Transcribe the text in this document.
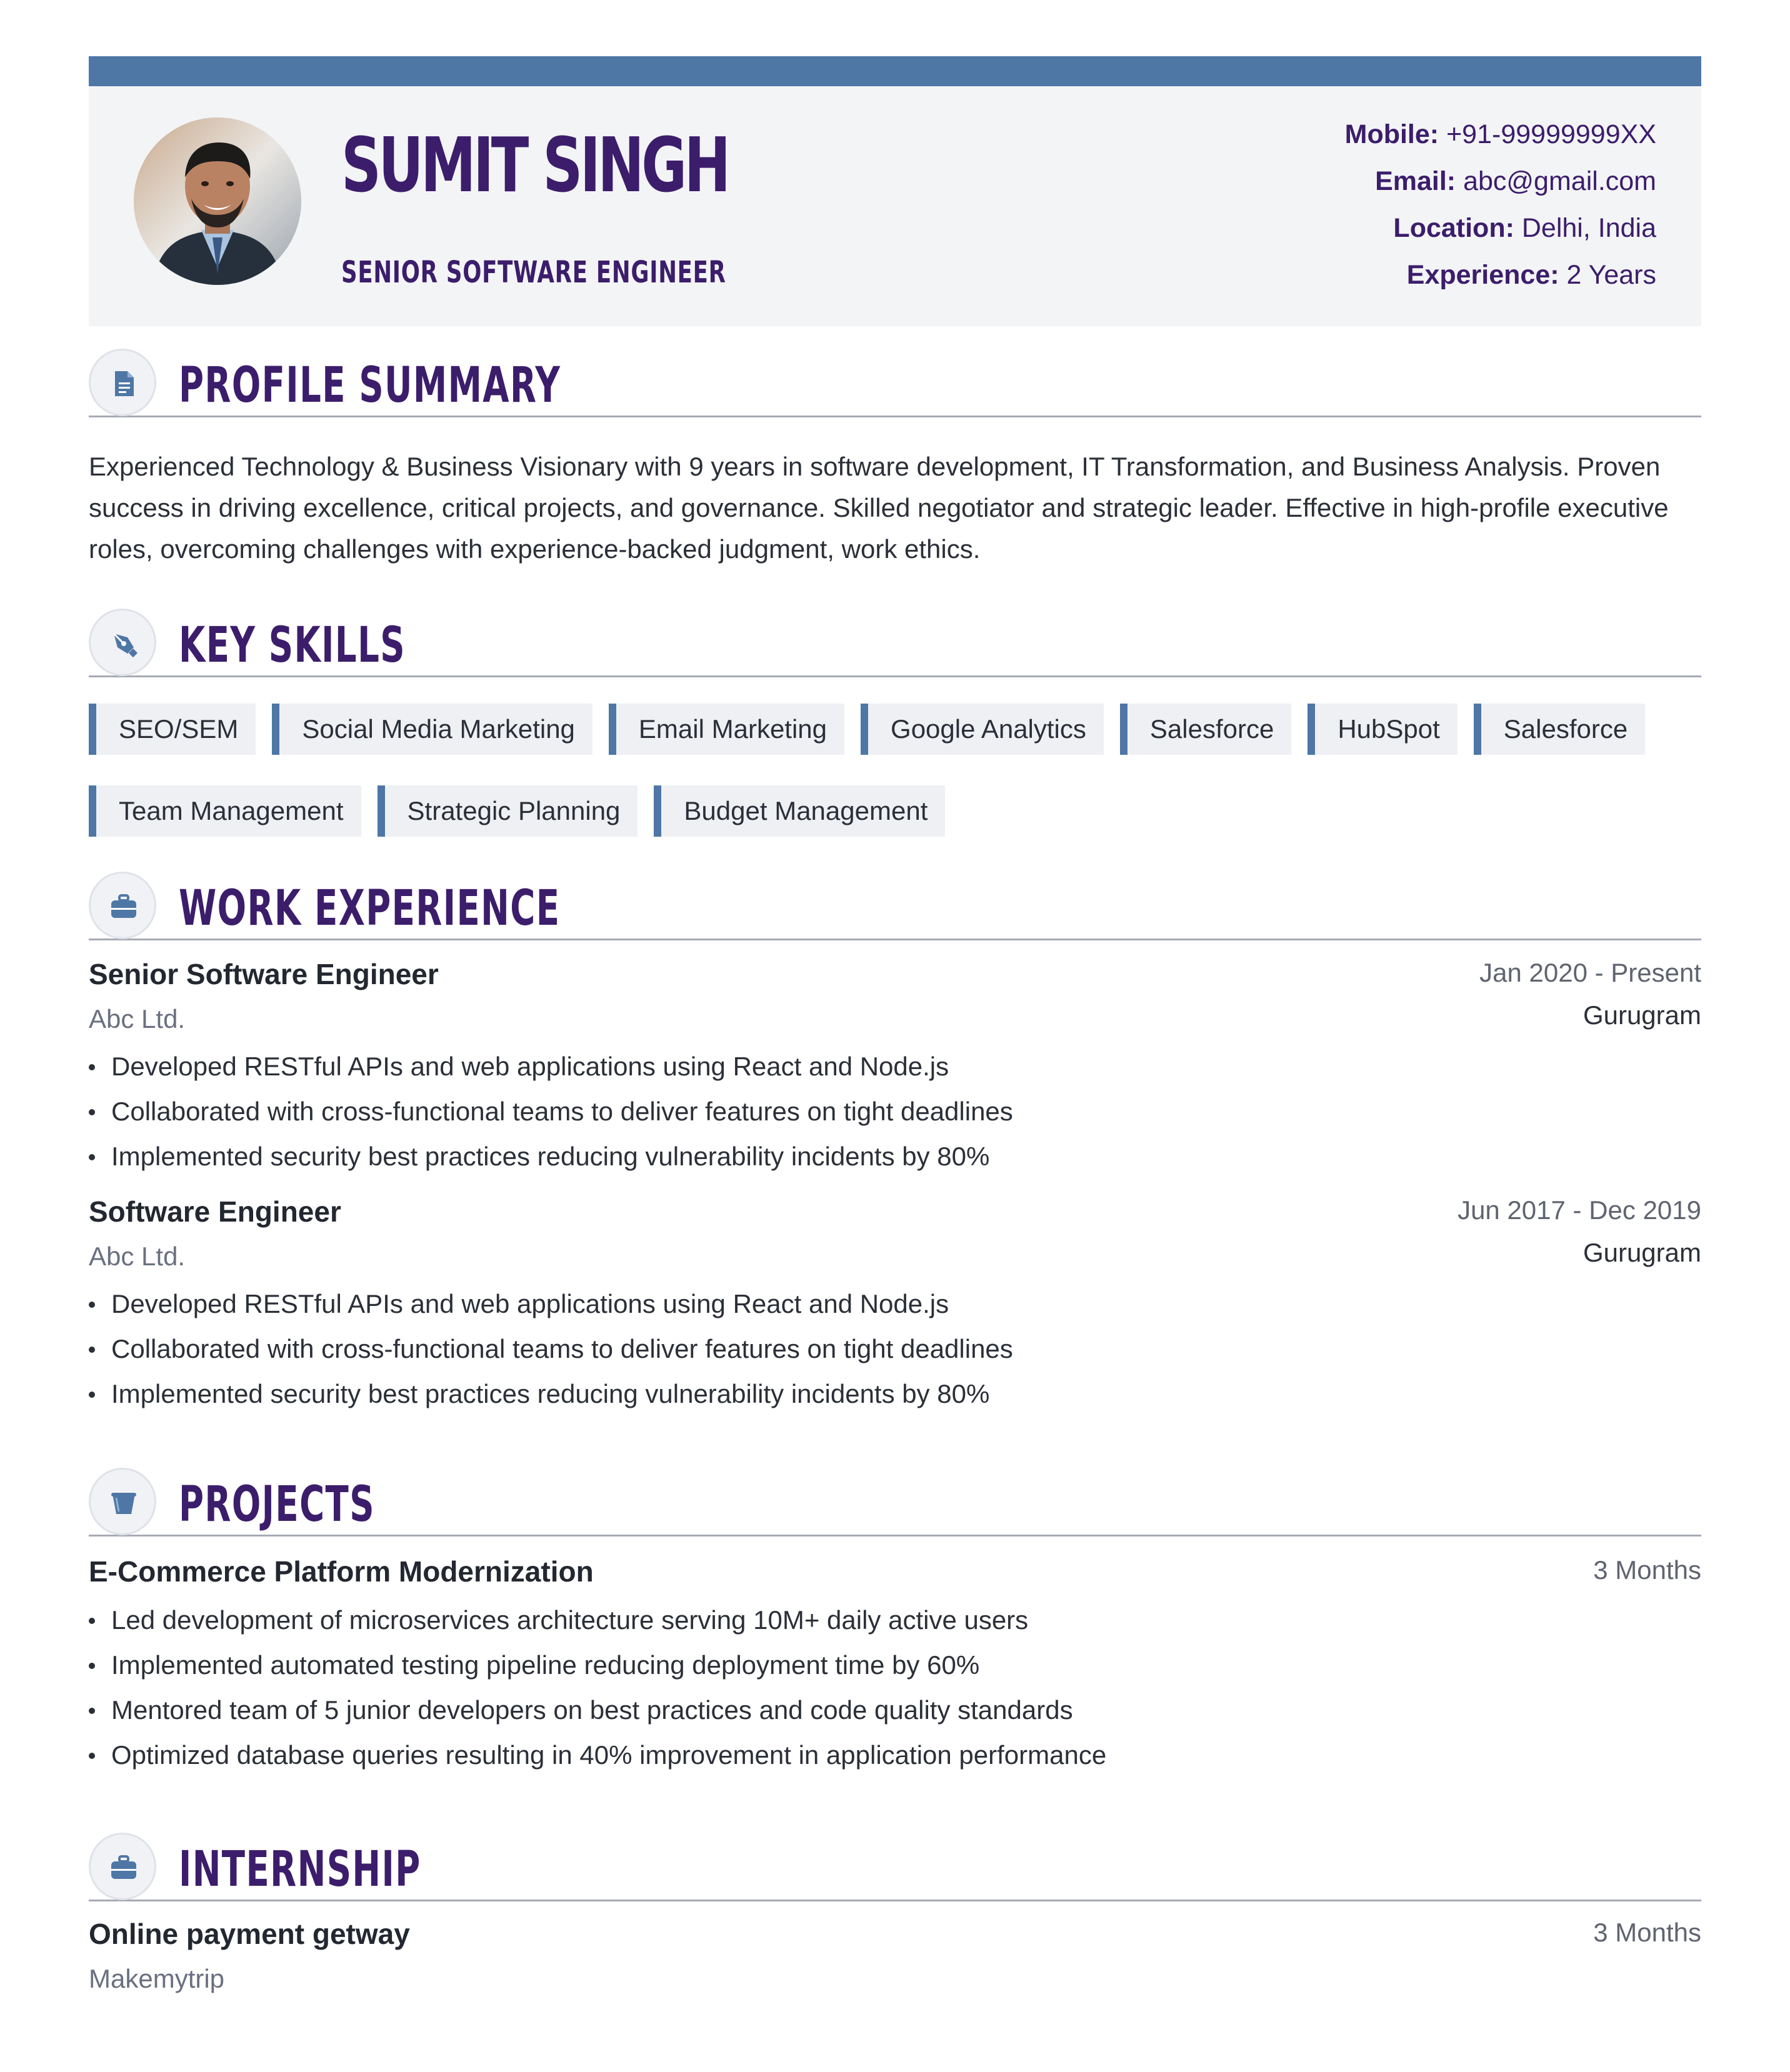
SUMIT SINGH
SENIOR SOFTWARE ENGINEER
Mobile: +91-99999999XX
Email: abc@gmail.com
Location: Delhi, India
Experience: 2 Years
PROFILE SUMMARY

Experienced Technology & Business Visionary with 9 years in software development, IT Transformation, and Business Analysis. Proven success in driving excellence, critical projects, and governance. Skilled negotiator and strategic leader. Effective in high-profile executive roles, overcoming challenges with experience-backed judgment, work ethics.

KEY SKILLS
SEO/SEM	Social Media Marketing	Email Marketing	Google Analytics	Salesforce	HubSpot	Salesforce
Team Management	Strategic Planning	Budget Management
WORK EXPERIENCE
Senior Software Engineer	Jan 2020 - Present
Abc Ltd.	Gurugram
Developed RESTful APIs and web applications using React and Node.js
Collaborated with cross-functional teams to deliver features on tight deadlines
Implemented security best practices reducing vulnerability incidents by 80%
Software Engineer	Jun 2017 - Dec 2019
Abc Ltd.	Gurugram
Developed RESTful APIs and web applications using React and Node.js
Collaborated with cross-functional teams to deliver features on tight deadlines
Implemented security best practices reducing vulnerability incidents by 80%
PROJECTS
E-Commerce Platform Modernization	3 Months
Led development of microservices architecture serving 10M+ daily active users
Implemented automated testing pipeline reducing deployment time by 60%
Mentored team of 5 junior developers on best practices and code quality standards
Optimized database queries resulting in 40% improvement in application performance
INTERNSHIP
Online payment getway	3 Months
Makemytrip
